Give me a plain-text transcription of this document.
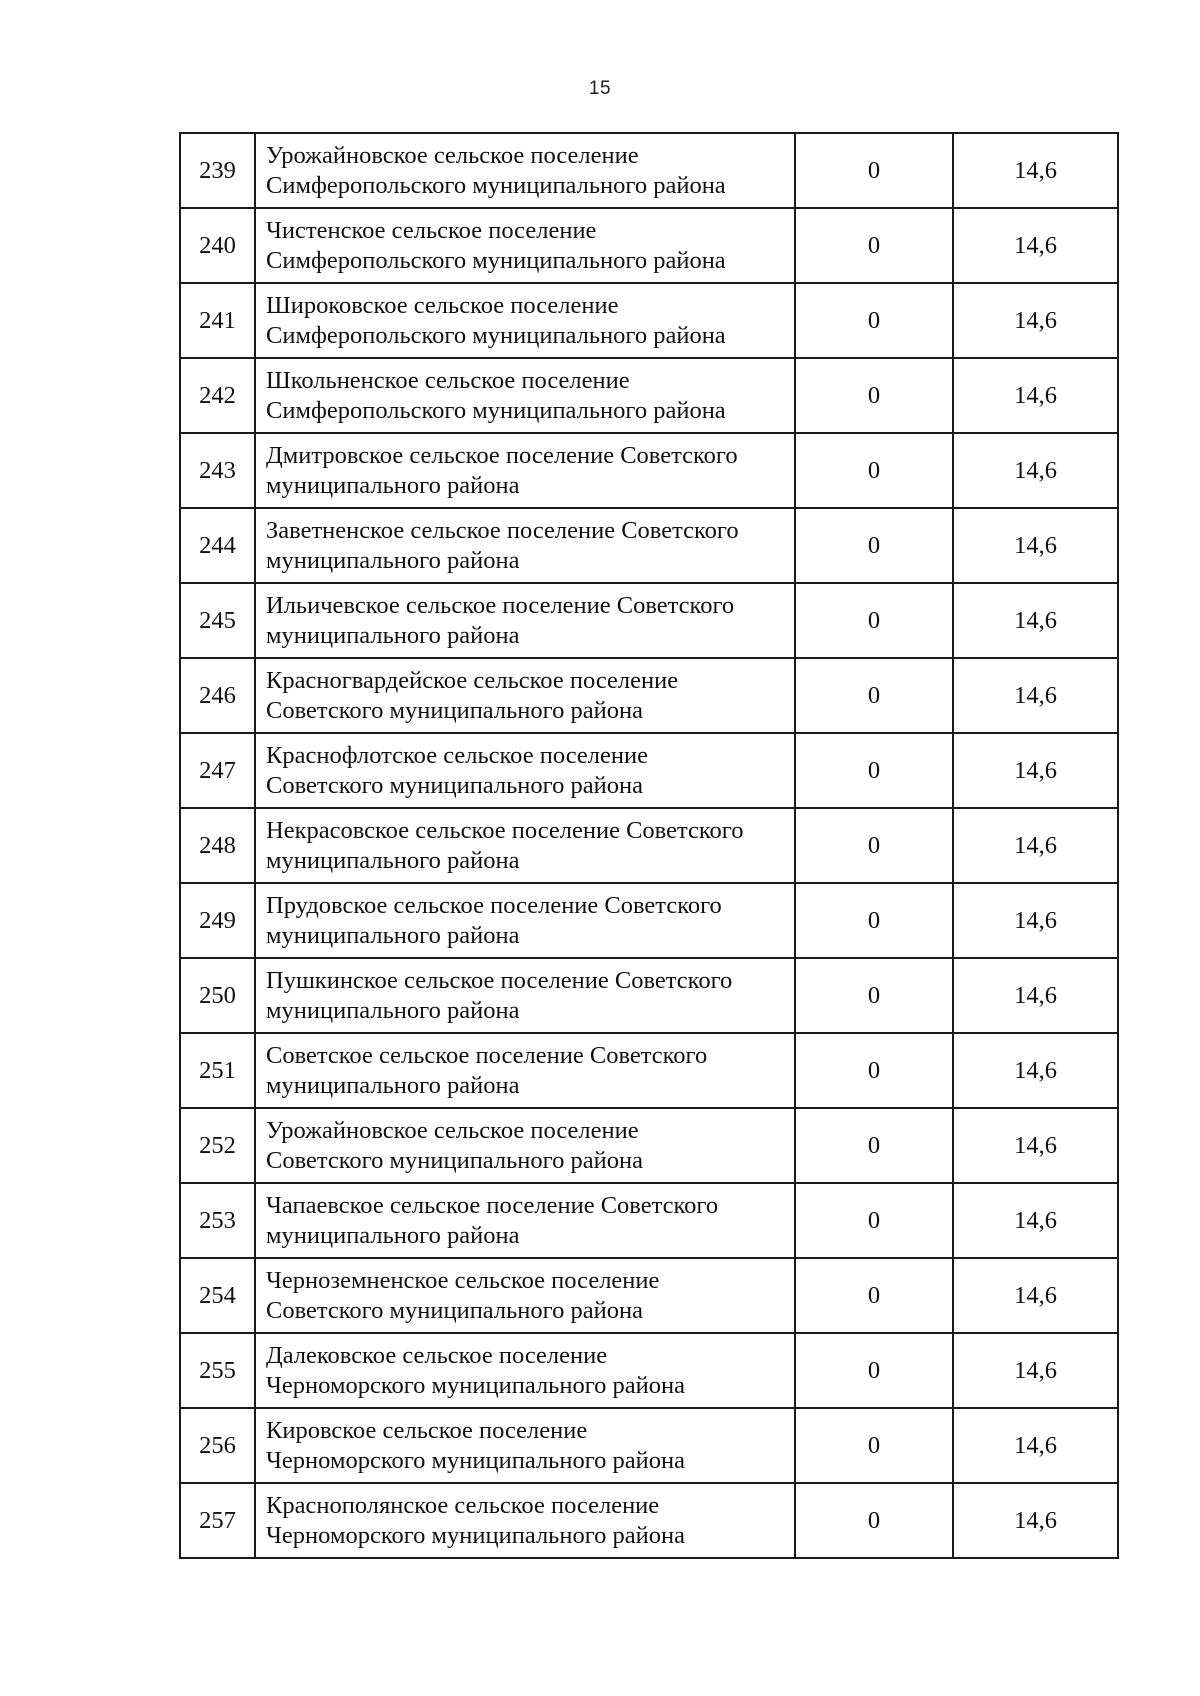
15
239	Урожайновское сельское поселение
Симферопольского муниципального района	0	14,6
240	Чистенское сельское поселение
Симферопольского муниципального района	0	14,6
241	Широковское сельское поселение
Симферопольского муниципального района	0	14,6
242	Школьненское сельское поселение
Симферопольского муниципального района	0	14,6
243	Дмитровское сельское поселение Советского
муниципального района	0	14,6
244	Заветненское сельское поселение Советского
муниципального района	0	14,6
245	Ильичевское сельское поселение Советского
муниципального района	0	14,6
246	Красногвардейское сельское поселение
Советского муниципального района	0	14,6
247	Краснофлотское сельское поселение
Советского муниципального района	0	14,6
248	Некрасовское сельское поселение Советского
муниципального района	0	14,6
249	Прудовское сельское поселение Советского
муниципального района	0	14,6
250	Пушкинское сельское поселение Советского
муниципального района	0	14,6
251	Советское сельское поселение Советского
муниципального района	0	14,6
252	Урожайновское сельское поселение
Советского муниципального района	0	14,6
253	Чапаевское сельское поселение Советского
муниципального района	0	14,6
254	Черноземненское сельское поселение
Советского муниципального района	0	14,6
255	Далековское сельское поселение
Черноморского муниципального района	0	14,6
256	Кировское сельское поселение
Черноморского муниципального района	0	14,6
257	Краснополянское сельское поселение
Черноморского муниципального района	0	14,6
